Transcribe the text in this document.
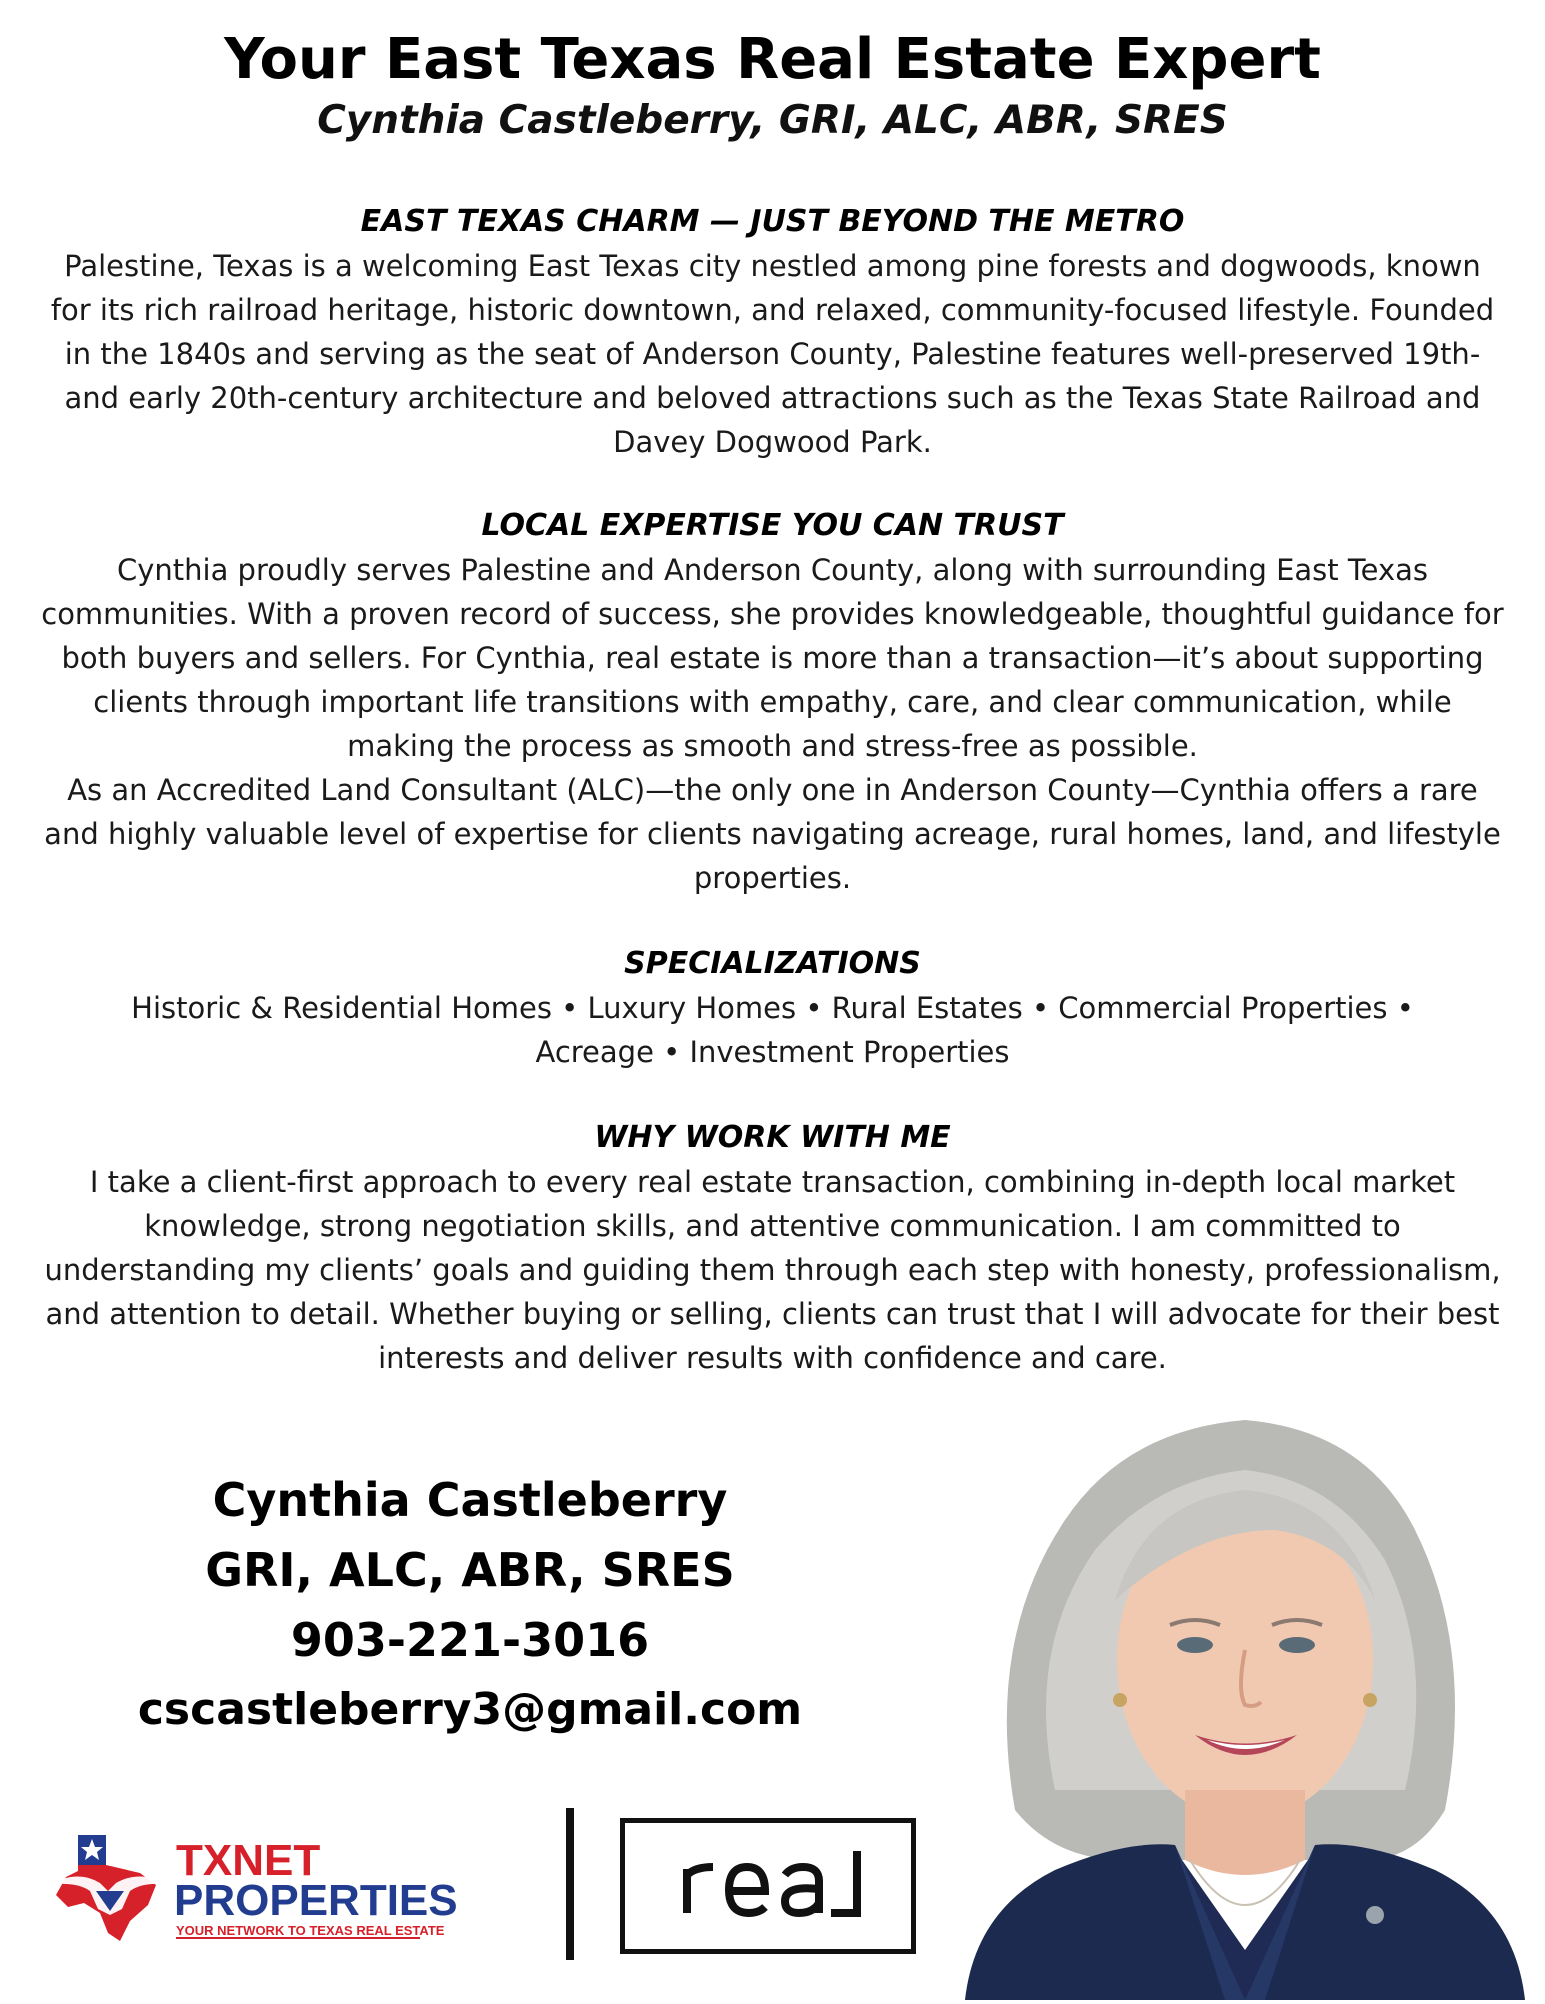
Your East Texas Real Estate Expert
Cynthia Castleberry, GRI, ALC, ABR, SRES
EAST TEXAS CHARM — JUST BEYOND THE METRO

Palestine, Texas is a welcoming East Texas city nestled among pine forests and dogwoods, known for its rich railroad heritage, historic downtown, and relaxed, community-focused lifestyle. Founded in the 1840s and serving as the seat of Anderson County, Palestine features well-preserved 19th- and early 20th-century architecture and beloved attractions such as the Texas State Railroad and Davey Dogwood Park.

LOCAL EXPERTISE YOU CAN TRUST

Cynthia proudly serves Palestine and Anderson County, along with surrounding East Texas communities. With a proven record of success, she provides knowledgeable, thoughtful guidance for both buyers and sellers. For Cynthia, real estate is more than a transaction—it’s about supporting clients through important life transitions with empathy, care, and clear communication, while making the process as smooth and stress-free as possible.

As an Accredited Land Consultant (ALC)—the only one in Anderson County—Cynthia offers a rare and highly valuable level of expertise for clients navigating acreage, rural homes, land, and lifestyle properties.

SPECIALIZATIONS

Historic & Residential Homes • Luxury Homes • Rural Estates • Commercial Properties • Acreage • Investment Properties

WHY WORK WITH ME

I take a client-first approach to every real estate transaction, combining in-depth local market knowledge, strong negotiation skills, and attentive communication. I am committed to understanding my clients’ goals and guiding them through each step with honesty, professionalism, and attention to detail. Whether buying or selling, clients can trust that I will advocate for their best interests and deliver results with confidence and care.

Cynthia Castleberry
GRI, ALC, ABR, SRES
903-221-3016
cscastleberry3@gmail.com
TXNET
PROPERTIES
YOUR NETWORK TO TEXAS REAL ESTATE
